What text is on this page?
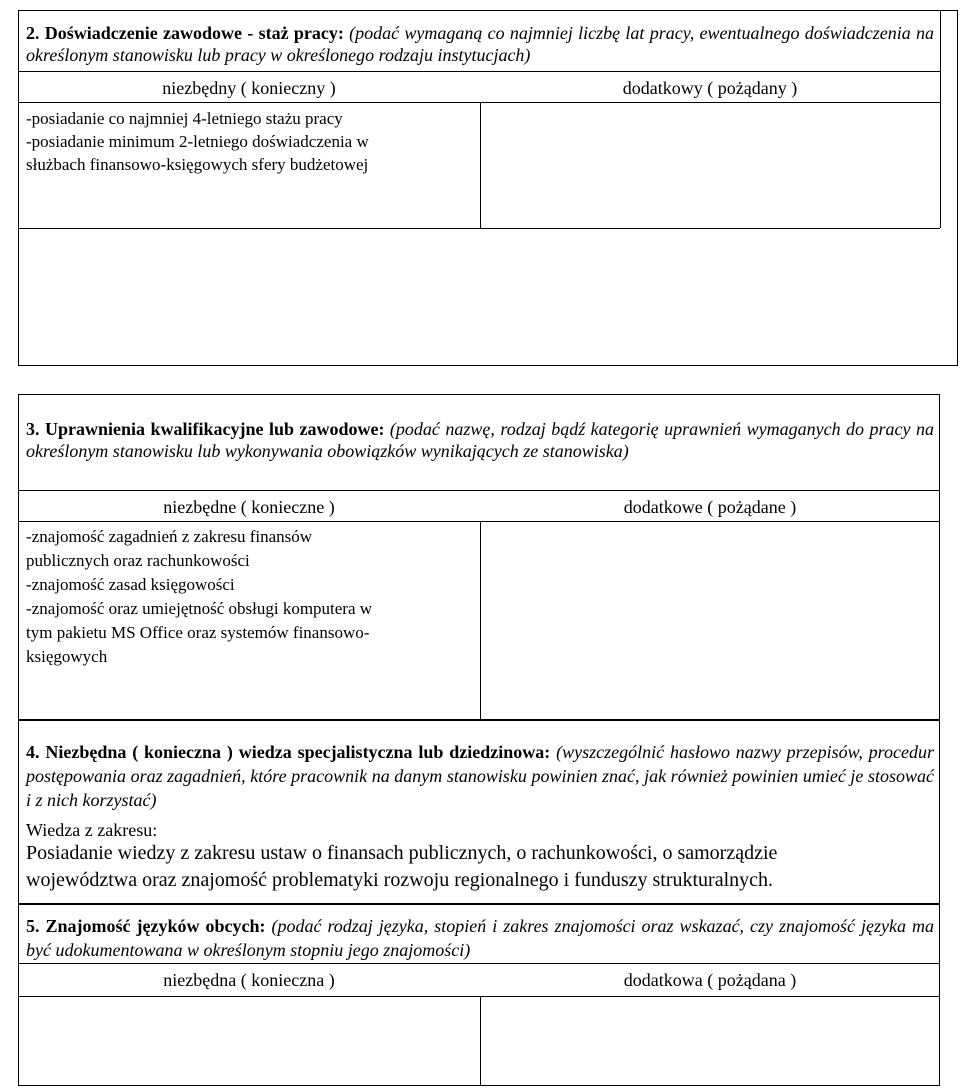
2. Doświadczenie zawodowe - staż pracy: (podać wymaganą co najmniej liczbę lat pracy, ewentualnego doświadczenia na określonym stanowisku lub pracy w określonego rodzaju instytucjach)
niezbędny ( konieczny )	dodatkowy ( pożądany )
-posiadanie co najmniej 4-letniego stażu pracy
-posiadanie minimum 2-letniego doświadczenia w
służbach finansowo-księgowych sfery budżetowej
3. Uprawnienia kwalifikacyjne lub zawodowe: (podać nazwę, rodzaj bądź kategorię uprawnień wymaganych do pracy na określonym stanowisku lub wykonywania obowiązków wynikających ze stanowiska)
niezbędne ( konieczne )	dodatkowe ( pożądane )
-znajomość zagadnień z zakresu finansów
publicznych oraz rachunkowości
-znajomość zasad księgowości
-znajomość oraz umiejętność obsługi komputera w
tym pakietu MS Office oraz systemów finansowo-
księgowych
4. Niezbędna ( konieczna ) wiedza specjalistyczna lub dziedzinowa: (wyszczególnić hasłowo nazwy przepisów, procedur postępowania oraz zagadnień, które pracownik na danym stanowisku powinien znać, jak również powinien umieć je stosować i z nich korzystać)
Wiedza z zakresu:
Posiadanie wiedzy z zakresu ustaw o finansach publicznych, o rachunkowości, o samorządzie
województwa oraz znajomość problematyki rozwoju regionalnego i funduszy strukturalnych.
5. Znajomość języków obcych: (podać rodzaj języka, stopień i zakres znajomości oraz wskazać, czy znajomość języka ma być udokumentowana w określonym stopniu jego znajomości)
niezbędna ( konieczna )	dodatkowa ( pożądana )
